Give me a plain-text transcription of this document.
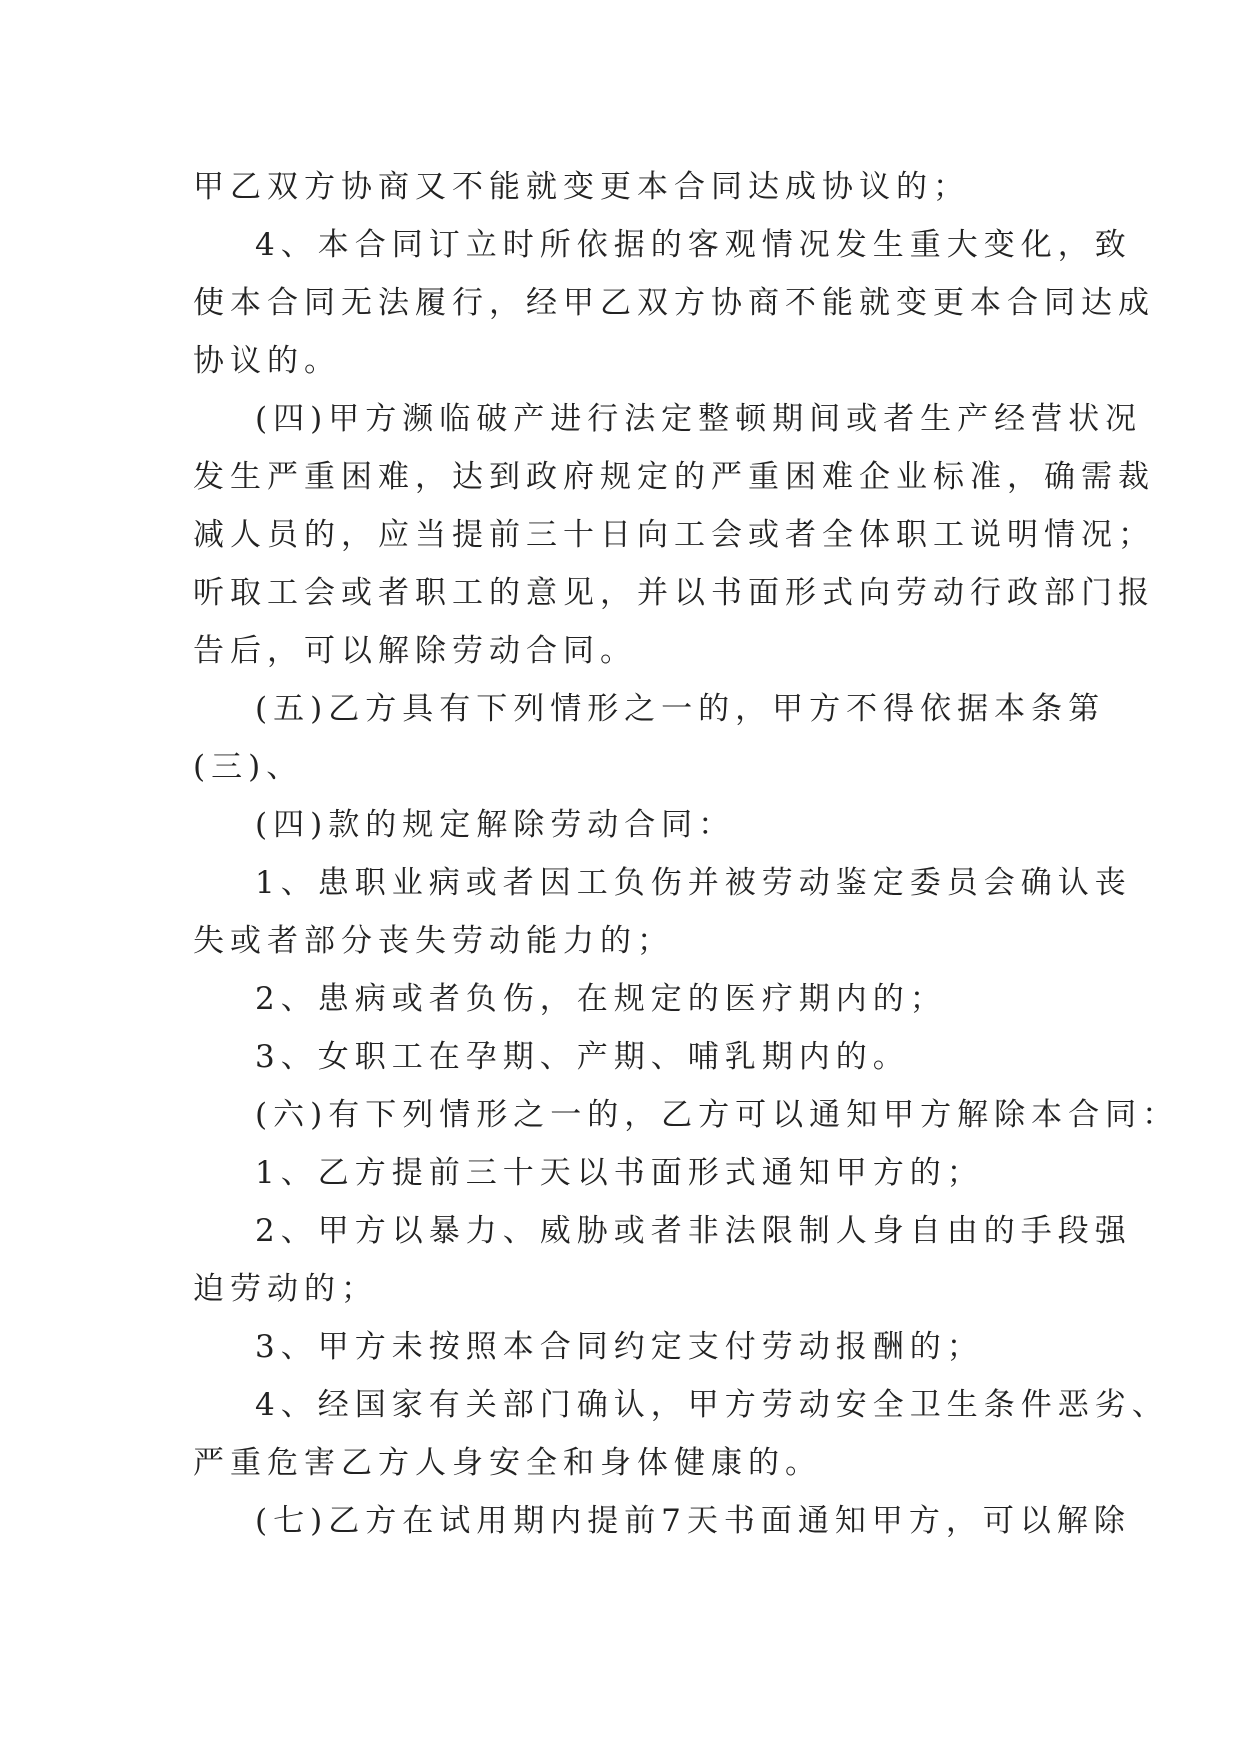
甲乙双方协商又不能就变更本合同达成协议的；
4、本合同订立时所依据的客观情况发生重大变化，致
使本合同无法履行，经甲乙双方协商不能就变更本合同达成
协议的。
(四)甲方濒临破产进行法定整顿期间或者生产经营状况
发生严重困难，达到政府规定的严重困难企业标准，确需裁
减人员的，应当提前三十日向工会或者全体职工说明情况；
听取工会或者职工的意见，并以书面形式向劳动行政部门报
告后，可以解除劳动合同。
(五)乙方具有下列情形之一的，甲方不得依据本条第
(三)、
(四)款的规定解除劳动合同：
1、患职业病或者因工负伤并被劳动鉴定委员会确认丧
失或者部分丧失劳动能力的；
2、患病或者负伤，在规定的医疗期内的；
3、女职工在孕期、产期、哺乳期内的。
(六)有下列情形之一的，乙方可以通知甲方解除本合同：
1、乙方提前三十天以书面形式通知甲方的；
2、甲方以暴力、威胁或者非法限制人身自由的手段强
迫劳动的；
3、甲方未按照本合同约定支付劳动报酬的；
4、经国家有关部门确认，甲方劳动安全卫生条件恶劣、
严重危害乙方人身安全和身体健康的。
(七)乙方在试用期内提前7天书面通知甲方，可以解除
